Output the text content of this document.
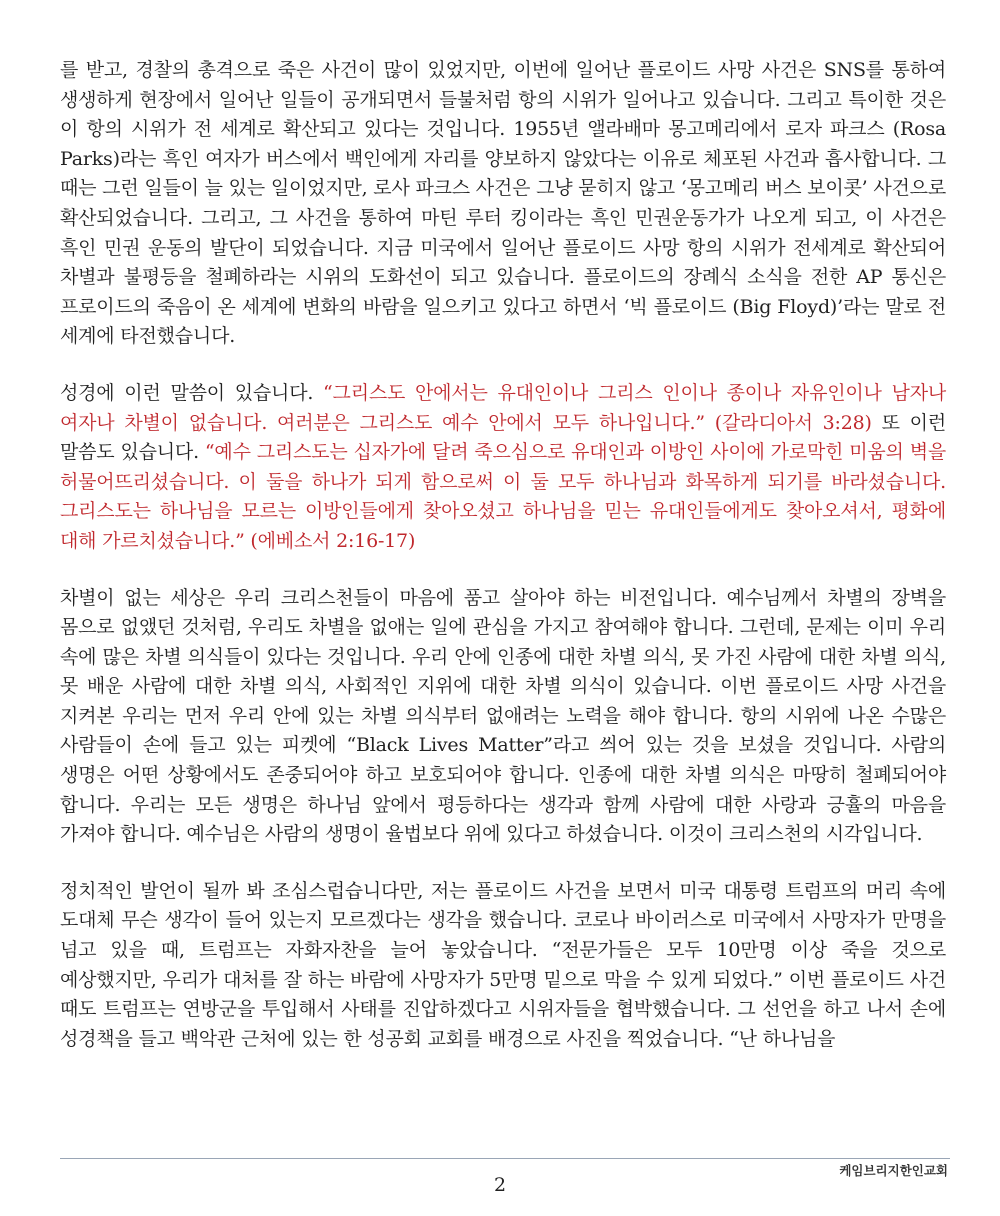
를 받고, 경찰의 총격으로 죽은 사건이 많이 있었지만, 이번에 일어난 플로이드 사망 사건은 SNS를 통하여 생생하게 현장에서 일어난 일들이 공개되면서 들불처럼 항의 시위가 일어나고 있습니다. 그리고 특이한 것은 이 항의 시위가 전 세계로 확산되고 있다는 것입니다. 1955년 앨라배마 몽고메리에서 로자 파크스 (Rosa Parks)라는 흑인 여자가 버스에서 백인에게 자리를 양보하지 않았다는 이유로 체포된 사건과 흡사합니다. 그 때는 그런 일들이 늘 있는 일이었지만, 로사 파크스 사건은 그냥 묻히지 않고 ‘몽고메리 버스 보이콧’ 사건으로 확산되었습니다. 그리고, 그 사건을 통하여 마틴 루터 킹이라는 흑인 민권운동가가 나오게 되고, 이 사건은 흑인 민권 운동의 발단이 되었습니다. 지금 미국에서 일어난 플로이드 사망 항의 시위가 전세계로 확산되어 차별과 불평등을 철폐하라는 시위의 도화선이 되고 있습니다. 플로이드의 장례식 소식을 전한 AP 통신은 프로이드의 죽음이 온 세계에 변화의 바람을 일으키고 있다고 하면서 ‘빅 플로이드 (Big Floyd)’라는 말로 전 세계에 타전했습니다.

성경에 이런 말씀이 있습니다. “그리스도 안에서는 유대인이나 그리스 인이나 종이나 자유인이나 남자나 여자나 차별이 없습니다. 여러분은 그리스도 예수 안에서 모두 하나입니다.” (갈라디아서 3:28) 또 이런 말씀도 있습니다. “예수 그리스도는 십자가에 달려 죽으심으로 유대인과 이방인 사이에 가로막힌 미움의 벽을 허물어뜨리셨습니다. 이 둘을 하나가 되게 함으로써 이 둘 모두 하나님과 화목하게 되기를 바라셨습니다. 그리스도는 하나님을 모르는 이방인들에게 찾아오셨고 하나님을 믿는 유대인들에게도 찾아오셔서, 평화에 대해 가르치셨습니다.” (에베소서 2:16-17)

차별이 없는 세상은 우리 크리스천들이 마음에 품고 살아야 하는 비전입니다. 예수님께서 차별의 장벽을 몸으로 없앴던 것처럼, 우리도 차별을 없애는 일에 관심을 가지고 참여해야 합니다. 그런데, 문제는 이미 우리 속에 많은 차별 의식들이 있다는 것입니다. 우리 안에 인종에 대한 차별 의식, 못 가진 사람에 대한 차별 의식, 못 배운 사람에 대한 차별 의식, 사회적인 지위에 대한 차별 의식이 있습니다. 이번 플로이드 사망 사건을 지켜본 우리는 먼저 우리 안에 있는 차별 의식부터 없애려는 노력을 해야 합니다. 항의 시위에 나온 수많은 사람들이 손에 들고 있는 피켓에 “Black Lives Matter”라고 씌어 있는 것을 보셨을 것입니다. 사람의 생명은 어떤 상황에서도 존중되어야 하고 보호되어야 합니다. 인종에 대한 차별 의식은 마땅히 철폐되어야 합니다. 우리는 모든 생명은 하나님 앞에서 평등하다는 생각과 함께 사람에 대한 사랑과 긍휼의 마음을 가져야 합니다. 예수님은 사람의 생명이 율법보다 위에 있다고 하셨습니다. 이것이 크리스천의 시각입니다.

정치적인 발언이 될까 봐 조심스럽습니다만, 저는 플로이드 사건을 보면서 미국 대통령 트럼프의 머리 속에 도대체 무슨 생각이 들어 있는지 모르겠다는 생각을 했습니다. 코로나 바이러스로 미국에서 사망자가 만명을 넘고 있을 때, 트럼프는 자화자찬을 늘어 놓았습니다. “전문가들은 모두 10만명 이상 죽을 것으로 예상했지만, 우리가 대처를 잘 하는 바람에 사망자가 5만명 밑으로 막을 수 있게 되었다.” 이번 플로이드 사건 때도 트럼프는 연방군을 투입해서 사태를 진압하겠다고 시위자들을 협박했습니다. 그 선언을 하고 나서 손에 성경책을 들고 백악관 근처에 있는 한 성공회 교회를 배경으로 사진을 찍었습니다. “난 하나님을

케임브리지한인교회
2
